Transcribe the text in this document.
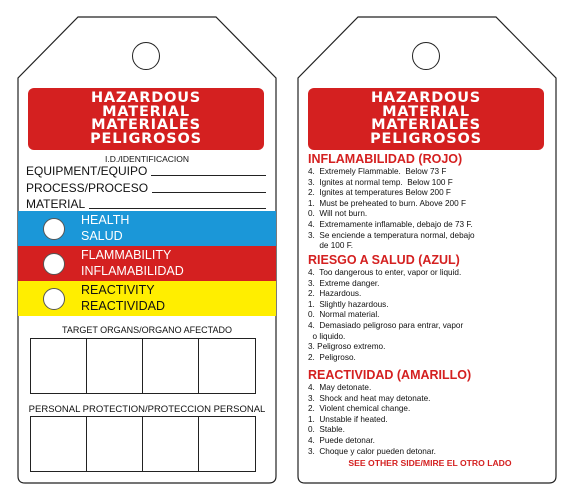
HAZARDOUS
MATERIAL
MATERIALES
PELIGROSOS
I.D./IDENTIFICACION
EQUIPMENT/EQUIPO
PROCESS/PROCESO
MATERIAL
HEALTH
SALUD
FLAMMABILITY
INFLAMABILIDAD
REACTIVITY
REACTIVIDAD
TARGET ORGANS/ORGANO AFECTADO
PERSONAL PROTECTION/PROTECCION PERSONAL
HAZARDOUS
MATERIAL
MATERIALES
PELIGROSOS
INFLAMABILIDAD (ROJO)
4.  Extremely Flammable.  Below 73 F
3.  Ignites at normal temp.  Below 100 F
2.  Ignites at temperatures Below 200 F
1.  Must be preheated to burn. Above 200 F
0.  Will not burn.
4.  Extremamente inflamable, debajo de 73 F.
3.  Se enciende a temperatura normal, debajo
de 100 F.
RIESGO A SALUD (AZUL)
4.  Too dangerous to enter, vapor or liquid.
3.  Extreme danger.
2.  Hazardous.
1.  Slightly hazardous.
0.  Normal material.
4.  Demasiado peligroso para entrar, vapor
o liquido.
3. Peligroso extremo.
2.  Peligroso.
REACTIVIDAD (AMARILLO)
4.  May detonate.
3.  Shock and heat may detonate.
2.  Violent chemical change.
1.  Unstable if heated.
0.  Stable.
4.  Puede detonar.
3.  Choque y calor pueden detonar.
SEE OTHER SIDE/MIRE EL OTRO LADO
